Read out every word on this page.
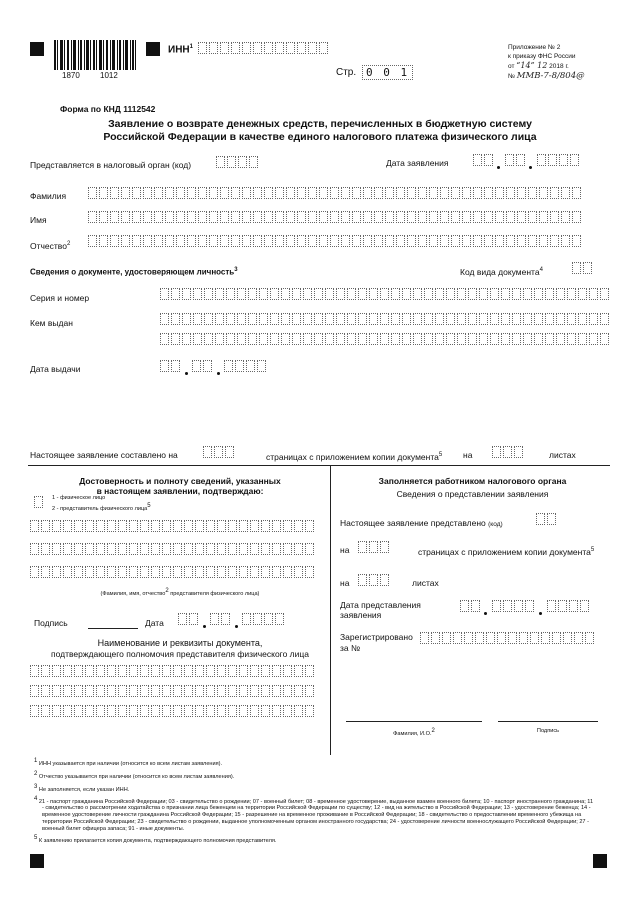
1870	1012
ИНН$^1$
Стр. 0 0 1
Приложение № 2
к приказу ФНС России
от “14” 12 2018 г.
№ ММВ-7-8/804@
Форма по КНД 1112542
Заявление о возврате денежных средств, перечисленных в бюджетную систему
Российской Федерации в качестве единого налогового платежа физического лица
Представляется в налоговый орган (код)	Дата заявления
Фамилия
Имя
Отчество$^2$
Сведения о документе, удостоверяющем личность$^3$	Код вида документа$^4$
Серия и номер
Кем выдан
Дата выдачи
Настоящее заявление составлено на	страницах с приложением копии документа$^5$ на	листах
Достоверность и полноту сведений, указанных
в настоящем заявлении, подтверждаю:
1 - физическое лицо
2 - представитель физического лица$^5$
(Фамилия, имя, отчество$^2$ представителя физического лица)
Подпись	Дата
Наименование и реквизиты документа,
подтверждающего полномочия представителя физического лица
Заполняется работником налогового органа
Сведения о представлении заявления
Настоящее заявление представлено (код)
на	страницах с приложением копии документа$^5$
на	листах
Дата представления
заявления
Зарегистрировано
за №
Фамилия, И.О.$^2$	Подпись
$^1$ ИНН указывается при наличии (относится ко всем листам заявления).
$^2$ Отчество указывается при наличии (относится ко всем листам заявления).
$^3$ Не заполняется, если указан ИНН.
$^4$ 21 - паспорт гражданина Российской Федерации; 03 - свидетельство о рождении; 07 - военный билет; 08 - временное удостоверение, выданное взамен военного билета; 10 - паспорт иностранного гражданина; 11 - свидетельство о рассмотрении ходатайства о признании лица беженцем на территории Российской Федерации по существу; 12 - вид на жительство в Российской Федерации; 13 - удостоверение беженца; 14 - временное удостоверение личности гражданина Российской Федерации; 15 - разрешение на временное проживание в Российской Федерации; 18 - свидетельство о предоставлении временного убежища на территории Российской Федерации; 23 - свидетельство о рождении, выданное уполномоченным органом иностранного государства; 24 - удостоверение личности военнослужащего Российской Федерации; 27 - военный билет офицера запаса; 91 - иные документы.
$^5$ К заявлению прилагается копия документа, подтверждающего полномочия представителя.
